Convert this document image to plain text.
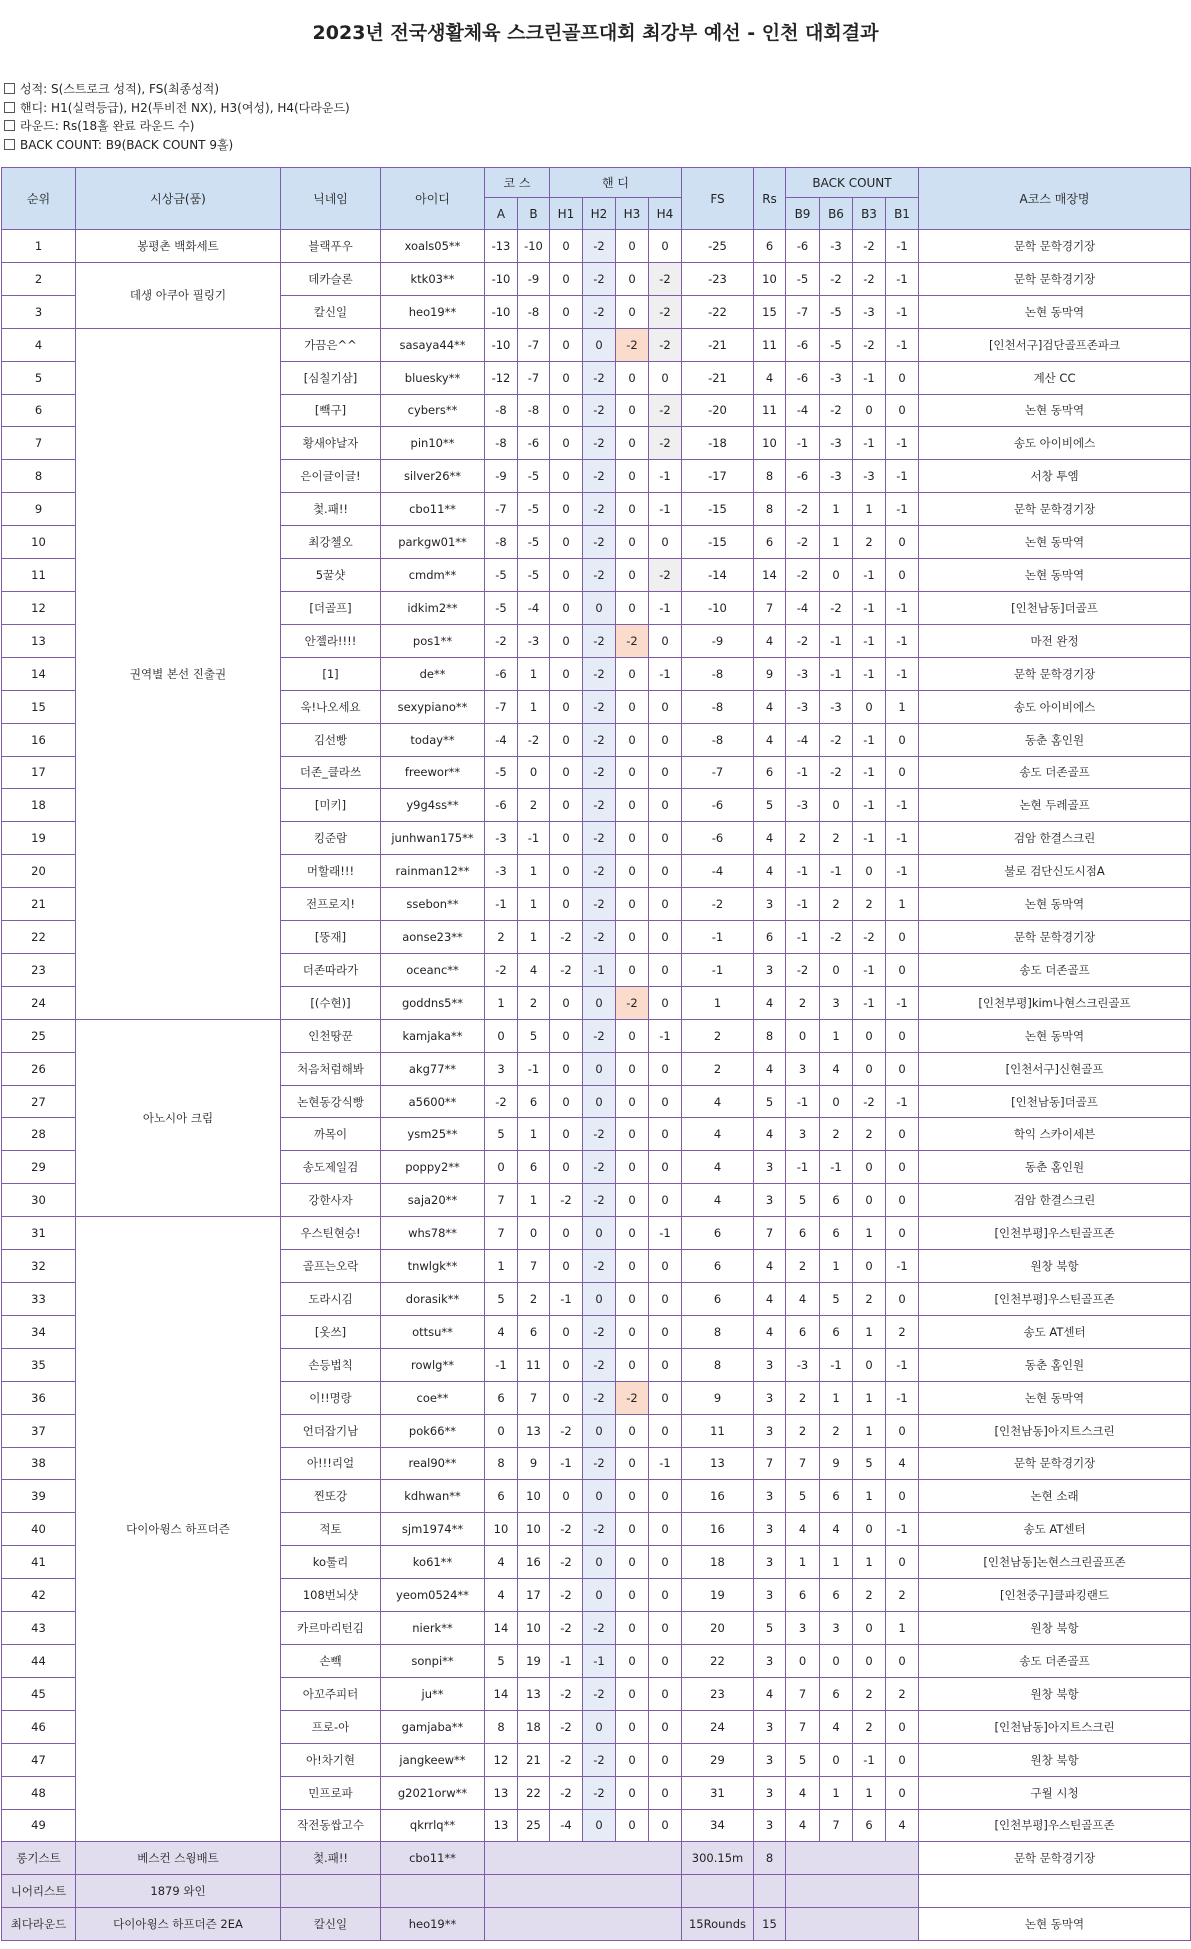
2023년 전국생활체육 스크린골프대회 최강부 예선 - 인천 대회결과
성적: S(스트로크 성적), FS(최종성적)
핸디: H1(실력등급), H2(투비전 NX), H3(여성), H4(다라운드)
라운드: Rs(18홀 완료 라운드 수)
BACK COUNT: B9(BACK COUNT 9홀)
순위	시상금(품)	닉네임	아이디	코 스		핸 디				FS	Rs	BACK COUNT				A코스 매장명
				A	B	H1	H2	H3	H4			B9	B6	B3	B1	
1	봉평촌 백화세트	블랙푸우	xoals05**	-13	-10	0	-2	0	0	-25	6	-6	-3	-2	-1	문학 문학경기장
2	데생 아쿠아 필링기	데카슬론	ktk03**	-10	-9	0	-2	0	-2	-23	10	-5	-2	-2	-1	문학 문학경기장
3		칼신일	heo19**	-10	-8	0	-2	0	-2	-22	15	-7	-5	-3	-1	논현 동막역
4	권역별 본선 진출권	가끔은^^	sasaya44**	-10	-7	0	0	-2	-2	-21	11	-6	-5	-2	-1	[인천서구]검단골프존파크
5		[심칠기삼]	bluesky**	-12	-7	0	-2	0	0	-21	4	-6	-3	-1	0	계산 CC
6		[빽구]	cybers**	-8	-8	0	-2	0	-2	-20	11	-4	-2	0	0	논현 동막역
7		황새야날자	pin10**	-8	-6	0	-2	0	-2	-18	10	-1	-3	-1	-1	송도 아이비에스
8		은이글이글!	silver26**	-9	-5	0	-2	0	-1	-17	8	-6	-3	-3	-1	서창 투엠
9		첯.패!!	cbo11**	-7	-5	0	-2	0	-1	-15	8	-2	1	1	-1	문학 문학경기장
10		최강첼오	parkgw01**	-8	-5	0	-2	0	0	-15	6	-2	1	2	0	논현 동막역
11		5꿀샷	cmdm**	-5	-5	0	-2	0	-2	-14	14	-2	0	-1	0	논현 동막역
12		[더골프]	idkim2**	-5	-4	0	0	0	-1	-10	7	-4	-2	-1	-1	[인천남동]더골프
13		안젤라!!!!	pos1**	-2	-3	0	-2	-2	0	-9	4	-2	-1	-1	-1	마전 완정
14		[1]	de**	-6	1	0	-2	0	-1	-8	9	-3	-1	-1	-1	문학 문학경기장
15		욱!나오세요	sexypiano**	-7	1	0	-2	0	0	-8	4	-3	-3	0	1	송도 아이비에스
16		김선빵	today**	-4	-2	0	-2	0	0	-8	4	-4	-2	-1	0	동춘 홈인원
17		더존_클라쓰	freewor**	-5	0	0	-2	0	0	-7	6	-1	-2	-1	0	송도 더존골프
18		[미키]	y9g4ss**	-6	2	0	-2	0	0	-6	5	-3	0	-1	-1	논현 두레골프
19		킹준람	junhwan175**	-3	-1	0	-2	0	0	-6	4	2	2	-1	-1	검암 한결스크린
20		머할래!!!	rainman12**	-3	1	0	-2	0	0	-4	4	-1	-1	0	-1	불로 검단신도시점A
21		전프로지!	ssebon**	-1	1	0	-2	0	0	-2	3	-1	2	2	1	논현 동막역
22		[뚱재]	aonse23**	2	1	-2	-2	0	0	-1	6	-1	-2	-2	0	문학 문학경기장
23		더존따라가	oceanc**	-2	4	-2	-1	0	0	-1	3	-2	0	-1	0	송도 더존골프
24		[(수현)]	goddns5**	1	2	0	0	-2	0	1	4	2	3	-1	-1	[인천부평]kim나현스크린골프
25	아노시아 크림	인천땅꾼	kamjaka**	0	5	0	-2	0	-1	2	8	0	1	0	0	논현 동막역
26		처음처럼해봐	akg77**	3	-1	0	0	0	0	2	4	3	4	0	0	[인천서구]신현골프
27		논현동강식빵	a5600**	-2	6	0	0	0	0	4	5	-1	0	-2	-1	[인천남동]더골프
28		까목이	ysm25**	5	1	0	-2	0	0	4	4	3	2	2	0	학익 스카이세븐
29		송도제일검	poppy2**	0	6	0	-2	0	0	4	3	-1	-1	0	0	동춘 홈인원
30		강한사자	saja20**	7	1	-2	-2	0	0	4	3	5	6	0	0	검암 한결스크린
31	다이아윙스 하프더즌	우스틴현승!	whs78**	7	0	0	0	0	-1	6	7	6	6	1	0	[인천부평]우스틴골프존
32		골프는오락	tnwlgk**	1	7	0	-2	0	0	6	4	2	1	0	-1	원창 북항
33		도라시김	dorasik**	5	2	-1	0	0	0	6	4	4	5	2	0	[인천부평]우스틴골프존
34		[옷쓰]	ottsu**	4	6	0	-2	0	0	8	4	6	6	1	2	송도 AT센터
35		손등법칙	rowlg**	-1	11	0	-2	0	0	8	3	-3	-1	0	-1	동춘 홈인원
36		이!!명랑	coe**	6	7	0	-2	-2	0	9	3	2	1	1	-1	논현 동막역
37		언더잡기남	pok66**	0	13	-2	0	0	0	11	3	2	2	1	0	[인천남동]아지트스크린
38		아!!!리얼	real90**	8	9	-1	-2	0	-1	13	7	7	9	5	4	문학 문학경기장
39		찐또강	kdhwan**	6	10	0	0	0	0	16	3	5	6	1	0	논현 소래
40		적토	sjm1974**	10	10	-2	-2	0	0	16	3	4	4	0	-1	송도 AT센터
41		ko툴리	ko61**	4	16	-2	0	0	0	18	3	1	1	1	0	[인천남동]논현스크린골프존
42		108번뇌샷	yeom0524**	4	17	-2	0	0	0	19	3	6	6	2	2	[인천중구]클파킹랜드
43		카르마리턴김	nierk**	14	10	-2	-2	0	0	20	5	3	3	0	1	원창 북항
44		손빽	sonpi**	5	19	-1	-1	0	0	22	3	0	0	0	0	송도 더존골프
45		아꼬주피터	ju**	14	13	-2	-2	0	0	23	4	7	6	2	2	원창 북항
46		프로-아	gamjaba**	8	18	-2	0	0	0	24	3	7	4	2	0	[인천남동]아지트스크린
47		아!차기현	jangkeew**	12	21	-2	-2	0	0	29	3	5	0	-1	0	원창 북항
48		민프로파	g2021orw**	13	22	-2	-2	0	0	31	3	4	1	1	0	구월 시청
49		작전동쌉고수	qkrrlq**	13	25	-4	0	0	0	34	3	4	7	6	4	[인천부평]우스틴골프존
롱기스트	베스컨 스윙배트	첯.패!!	cbo11**							300.15m	8					문학 문학경기장
니어리스트	1879 와인															
최다라운드	다이아윙스 하프더즌 2EA	칼신일	heo19**							15Rounds	15					논현 동막역
